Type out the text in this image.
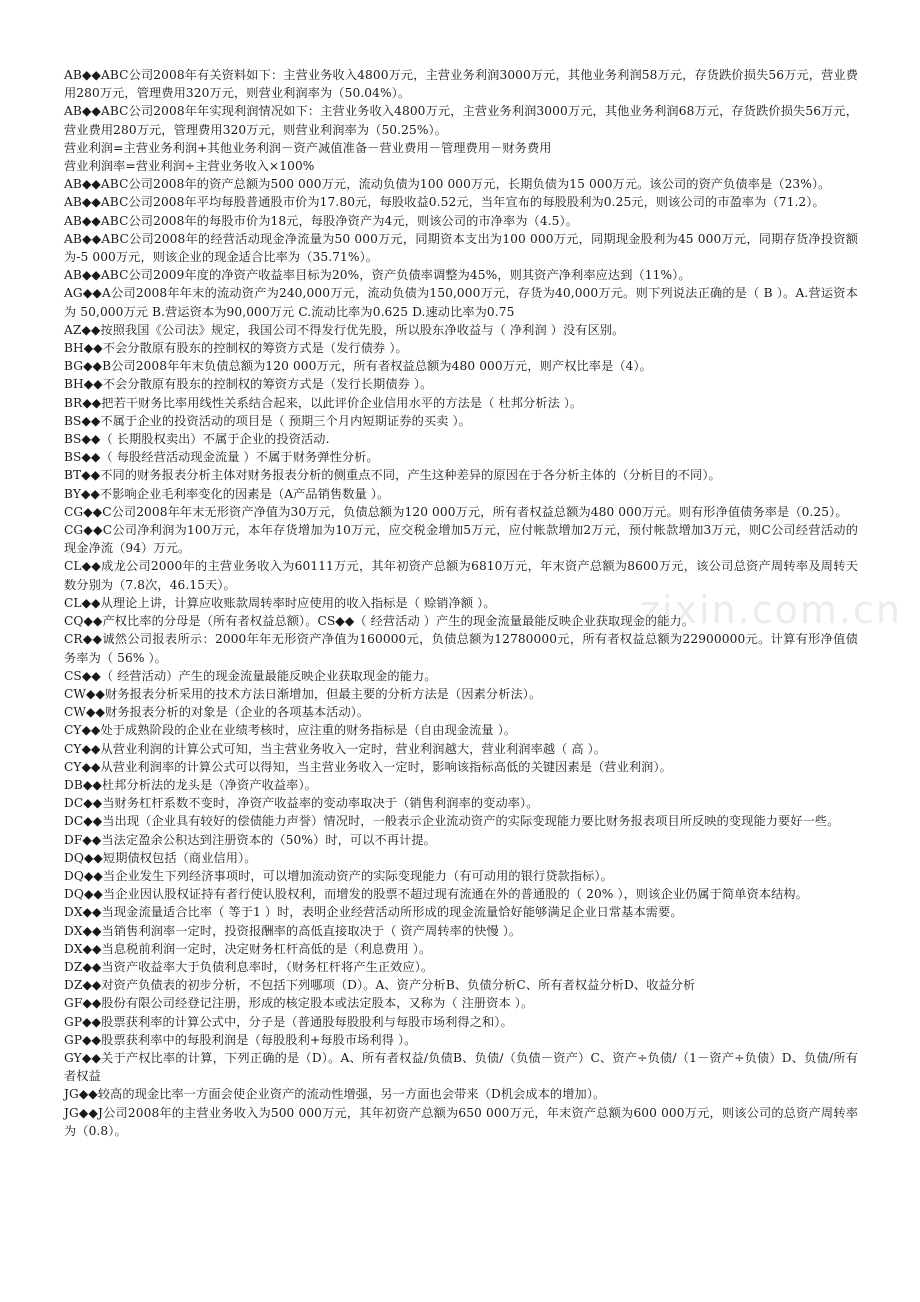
AB◆◆ABC公司2008年有关资料如下：主营业务收入4800万元，主营业务利润3000万元，其他业务利润58万元，存货跌价损失56万元，营业费用280万元，管理费用320万元，则营业利润率为（50.04%）。

AB◆◆ABC公司2008年年实现利润情况如下：主营业务收入4800万元，主营业务利润3000万元，其他业务利润68万元，存货跌价损失56万元，营业费用280万元，管理费用320万元，则营业利润率为（50.25%）。

营业利润=主营业务利润+其他业务利润－资产减值准备－营业费用－管理费用－财务费用

营业利润率=营业利润÷主营业务收入×100%

AB◆◆ABC公司2008年的资产总额为500 000万元，流动负债为100 000万元，长期负债为15 000万元。该公司的资产负债率是（23%）。

AB◆◆ABC公司2008年平均每股普通股市价为17.80元，每股收益0.52元，当年宣布的每股股利为0.25元，则该公司的市盈率为（71.2）。

AB◆◆ABC公司2008年的每股市价为18元，每股净资产为4元，则该公司的市净率为（4.5）。

AB◆◆ABC公司2008年的经营活动现金净流量为50 000万元，同期资本支出为100 000万元，同期现金股利为45 000万元，同期存货净投资额为-5 000万元，则该企业的现金适合比率为（35.71%）。

AB◆◆ABC公司2009年度的净资产收益率目标为20%，资产负债率调整为45%，则其资产净利率应达到（11%）。

AG◆◆A公司2008年年末的流动资产为240,000万元，流动负债为150,000万元，存货为40,000万元。则下列说法正确的是（ B ）。A.营运资本为 50,000万元 B.营运资本为90,000万元 C.流动比率为0.625 D.速动比率为0.75

AZ◆◆按照我国《公司法》规定，我国公司不得发行优先股，所以股东净收益与（ 净利润 ）没有区别。

BH◆◆不会分散原有股东的控制权的筹资方式是（发行债券 ）。

BG◆◆B公司2008年年末负债总额为120 000万元，所有者权益总额为480 000万元，则产权比率是（4）。

BH◆◆不会分散原有股东的控制权的筹资方式是（发行长期债券 ）。

BR◆◆把若干财务比率用线性关系结合起来，以此评价企业信用水平的方法是（ 杜邦分析法 ）。

BS◆◆不属于企业的投资活动的项目是（ 预期三个月内短期证券的买卖 ）。

BS◆◆（ 长期股权卖出）不属于企业的投资活动.

BS◆◆（ 每股经营活动现金流量 ）不属于财务弹性分析。

BT◆◆不同的财务报表分析主体对财务报表分析的侧重点不同，产生这种差异的原因在于各分析主体的（分析目的不同）。

BY◆◆不影响企业毛利率变化的因素是（A产品销售数量 ）。

CG◆◆C公司2008年年末无形资产净值为30万元，负债总额为120 000万元，所有者权益总额为480 000万元。则有形净值债务率是（0.25）。

CG◆◆C公司净利润为100万元，本年存货增加为10万元，应交税金增加5万元，应付帐款增加2万元，预付帐款增加3万元，则C公司经营活动的现金净流（94）万元。

CL◆◆成龙公司2000年的主营业务收入为60111万元，其年初资产总额为6810万元，年末资产总额为8600万元，该公司总资产周转率及周转天数分别为（7.8次，46.15天）。

CL◆◆从理论上讲，计算应收账款周转率时应使用的收入指标是（ 赊销净额 ）。

CQ◆◆产权比率的分母是（所有者权益总额）。CS◆◆（ 经营活动 ）产生的现金流量最能反映企业获取现金的能力。

CR◆◆诚然公司报表所示：2000年年无形资产净值为160000元，负债总额为12780000元，所有者权益总额为22900000元。计算有形净值债务率为（ 56% ）。

CS◆◆（ 经营活动）产生的现金流量最能反映企业获取现金的能力。

CW◆◆财务报表分析采用的技术方法日渐增加，但最主要的分析方法是（因素分析法）。

CW◆◆财务报表分析的对象是（企业的各项基本活动）。

CY◆◆处于成熟阶段的企业在业绩考核时，应注重的财务指标是（自由现金流量 ）。

CY◆◆从营业利润的计算公式可知，当主营业务收入一定时，营业利润越大，营业利润率越（ 高 ）。

CY◆◆从营业利润率的计算公式可以得知，当主营业务收入一定时，影响该指标高低的关键因素是（营业利润）。

DB◆◆杜邦分析法的龙头是（净资产收益率）。

DC◆◆当财务杠杆系数不变时，净资产收益率的变动率取决于（销售利润率的变动率）。

DC◆◆当出现（企业具有较好的偿债能力声誉）情况时，一般表示企业流动资产的实际变现能力要比财务报表项目所反映的变现能力要好一些。

DF◆◆当法定盈余公积达到注册资本的（50%）时，可以不再计提。

DQ◆◆短期债权包括（商业信用）。

DQ◆◆当企业发生下列经济事项时，可以增加流动资产的实际变现能力（有可动用的银行贷款指标）。

DQ◆◆当企业因认股权证持有者行使认股权利，而增发的股票不超过现有流通在外的普通股的（ 20% ），则该企业仍属于简单资本结构。

DX◆◆当现金流量适合比率（ 等于1 ）时，表明企业经营活动所形成的现金流量恰好能够满足企业日常基本需要。

DX◆◆当销售利润率一定时，投资报酬率的高低直接取决于（ 资产周转率的快慢 ）。

DX◆◆当息税前利润一定时，决定财务杠杆高低的是（利息费用 ）。

DZ◆◆当资产收益率大于负债利息率时，（财务杠杆将产生正效应）。

DZ◆◆对资产负债表的初步分析，不包括下列哪项（D）。A、资产分析B、负债分析C、所有者权益分析D、收益分析

GF◆◆股份有限公司经登记注册，形成的核定股本或法定股本，又称为（ 注册资本 ）。

GP◆◆股票获利率的计算公式中，分子是（普通股每股股利与每股市场利得之和）。

GP◆◆股票获利率中的每股利润是（每股股利+每股市场利得 ）。

GY◆◆关于产权比率的计算，下列正确的是（D）。A、所有者权益/负债B、负债/（负债－资产）C、资产÷负债/（1－资产÷负债）D、负债/所有者权益

JG◆◆较高的现金比率一方面会使企业资产的流动性增强，另一方面也会带来（D机会成本的增加）。

JG◆◆J公司2008年的主营业务收入为500 000万元，其年初资产总额为650 000万元，年末资产总额为600 000万元，则该公司的总资产周转率为（0.8）。

zixin.com.cn
